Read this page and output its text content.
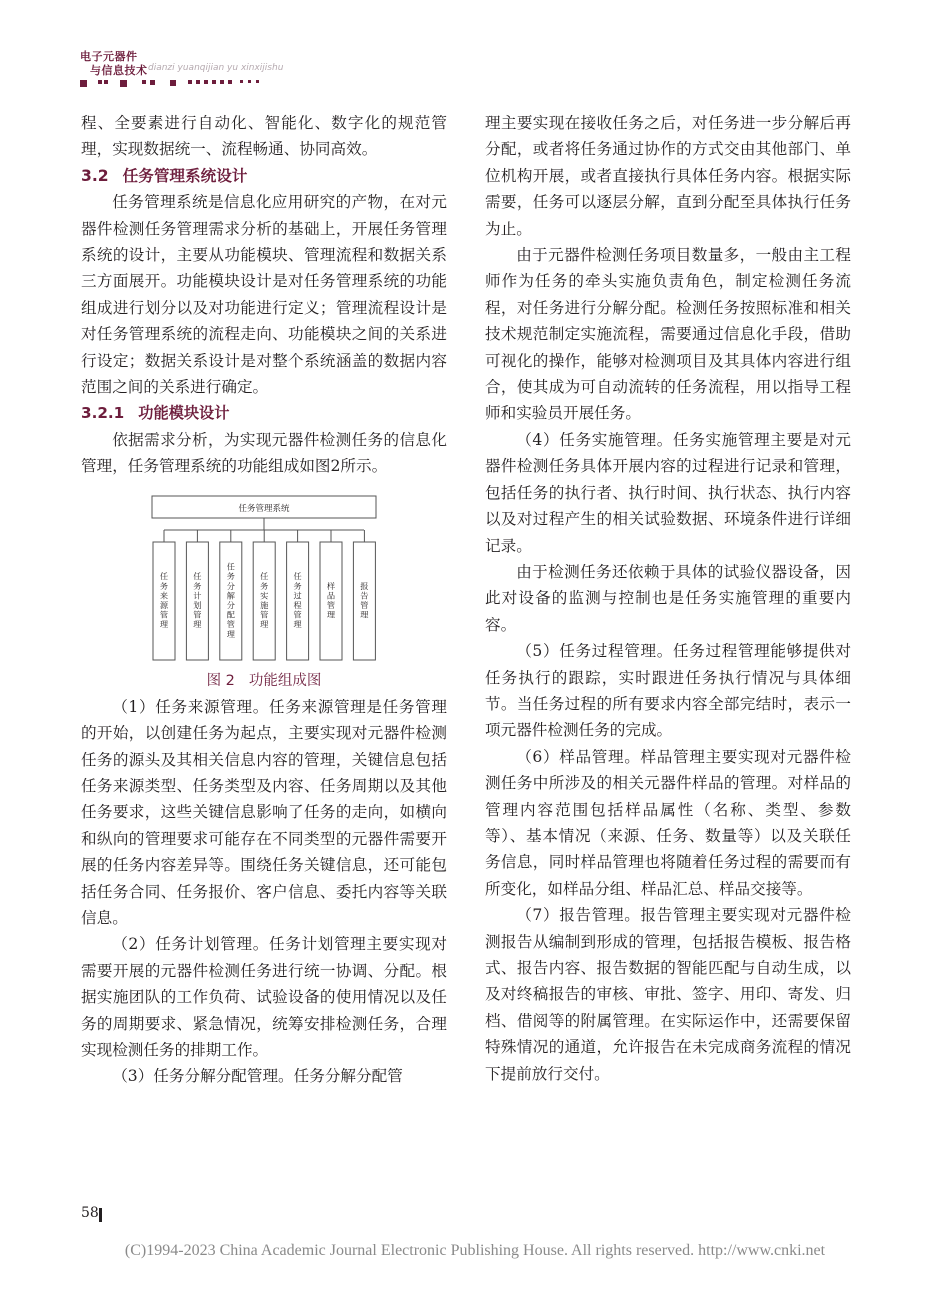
电子元器件
与信息技术 dianzi yuanqijian yu xinxijishu

程、全要素进行自动化、智能化、数字化的规范管理，实现数据统一、流程畅通、协同高效。

3.2 任务管理系统设计

任务管理系统是信息化应用研究的产物，在对元器件检测任务管理需求分析的基础上，开展任务管理系统的设计，主要从功能模块、管理流程和数据关系三方面展开。功能模块设计是对任务管理系统的功能组成进行划分以及对功能进行定义；管理流程设计是对任务管理系统的流程走向、功能模块之间的关系进行设定；数据关系设计是对整个系统涵盖的数据内容范围之间的关系进行确定。

3.2.1 功能模块设计

依据需求分析，为实现元器件检测任务的信息化管理，任务管理系统的功能组成如图2所示。

任务管理系统
任务来源管理
任务计划管理
任务分解分配管理
任务实施管理
任务过程管理
样品管理
报告管理
图 2 功能组成图

（1）任务来源管理。任务来源管理是任务管理的开始，以创建任务为起点，主要实现对元器件检测任务的源头及其相关信息内容的管理，关键信息包括任务来源类型、任务类型及内容、任务周期以及其他任务要求，这些关键信息影响了任务的走向，如横向和纵向的管理要求可能存在不同类型的元器件需要开展的任务内容差异等。围绕任务关键信息，还可能包括任务合同、任务报价、客户信息、委托内容等关联信息。

（2）任务计划管理。任务计划管理主要实现对需要开展的元器件检测任务进行统一协调、分配。根据实施团队的工作负荷、试验设备的使用情况以及任务的周期要求、紧急情况，统筹安排检测任务，合理实现检测任务的排期工作。

（3）任务分解分配管理。任务分解分配管

理主要实现在接收任务之后，对任务进一步分解后再分配，或者将任务通过协作的方式交由其他部门、单位机构开展，或者直接执行具体任务内容。根据实际需要，任务可以逐层分解，直到分配至具体执行任务为止。

由于元器件检测任务项目数量多，一般由主工程师作为任务的牵头实施负责角色，制定检测任务流程，对任务进行分解分配。检测任务按照标准和相关技术规范制定实施流程，需要通过信息化手段，借助可视化的操作，能够对检测项目及其具体内容进行组合，使其成为可自动流转的任务流程，用以指导工程师和实验员开展任务。

（4）任务实施管理。任务实施管理主要是对元器件检测任务具体开展内容的过程进行记录和管理，包括任务的执行者、执行时间、执行状态、执行内容以及对过程产生的相关试验数据、环境条件进行详细记录。

由于检测任务还依赖于具体的试验仪器设备，因此对设备的监测与控制也是任务实施管理的重要内容。

（5）任务过程管理。任务过程管理能够提供对任务执行的跟踪，实时跟进任务执行情况与具体细节。当任务过程的所有要求内容全部完结时，表示一项元器件检测任务的完成。

（6）样品管理。样品管理主要实现对元器件检测任务中所涉及的相关元器件样品的管理。对样品的管理内容范围包括样品属性（名称、类型、参数等）、基本情况（来源、任务、数量等）以及关联任务信息，同时样品管理也将随着任务过程的需要而有所变化，如样品分组、样品汇总、样品交接等。

（7）报告管理。报告管理主要实现对元器件检测报告从编制到形成的管理，包括报告模板、报告格式、报告内容、报告数据的智能匹配与自动生成，以及对终稿报告的审核、审批、签字、用印、寄发、归档、借阅等的附属管理。在实际运作中，还需要保留特殊情况的通道，允许报告在未完成商务流程的情况下提前放行交付。

58
(C)1994-2023 China Academic Journal Electronic Publishing House. All rights reserved. http://www.cnki.net
